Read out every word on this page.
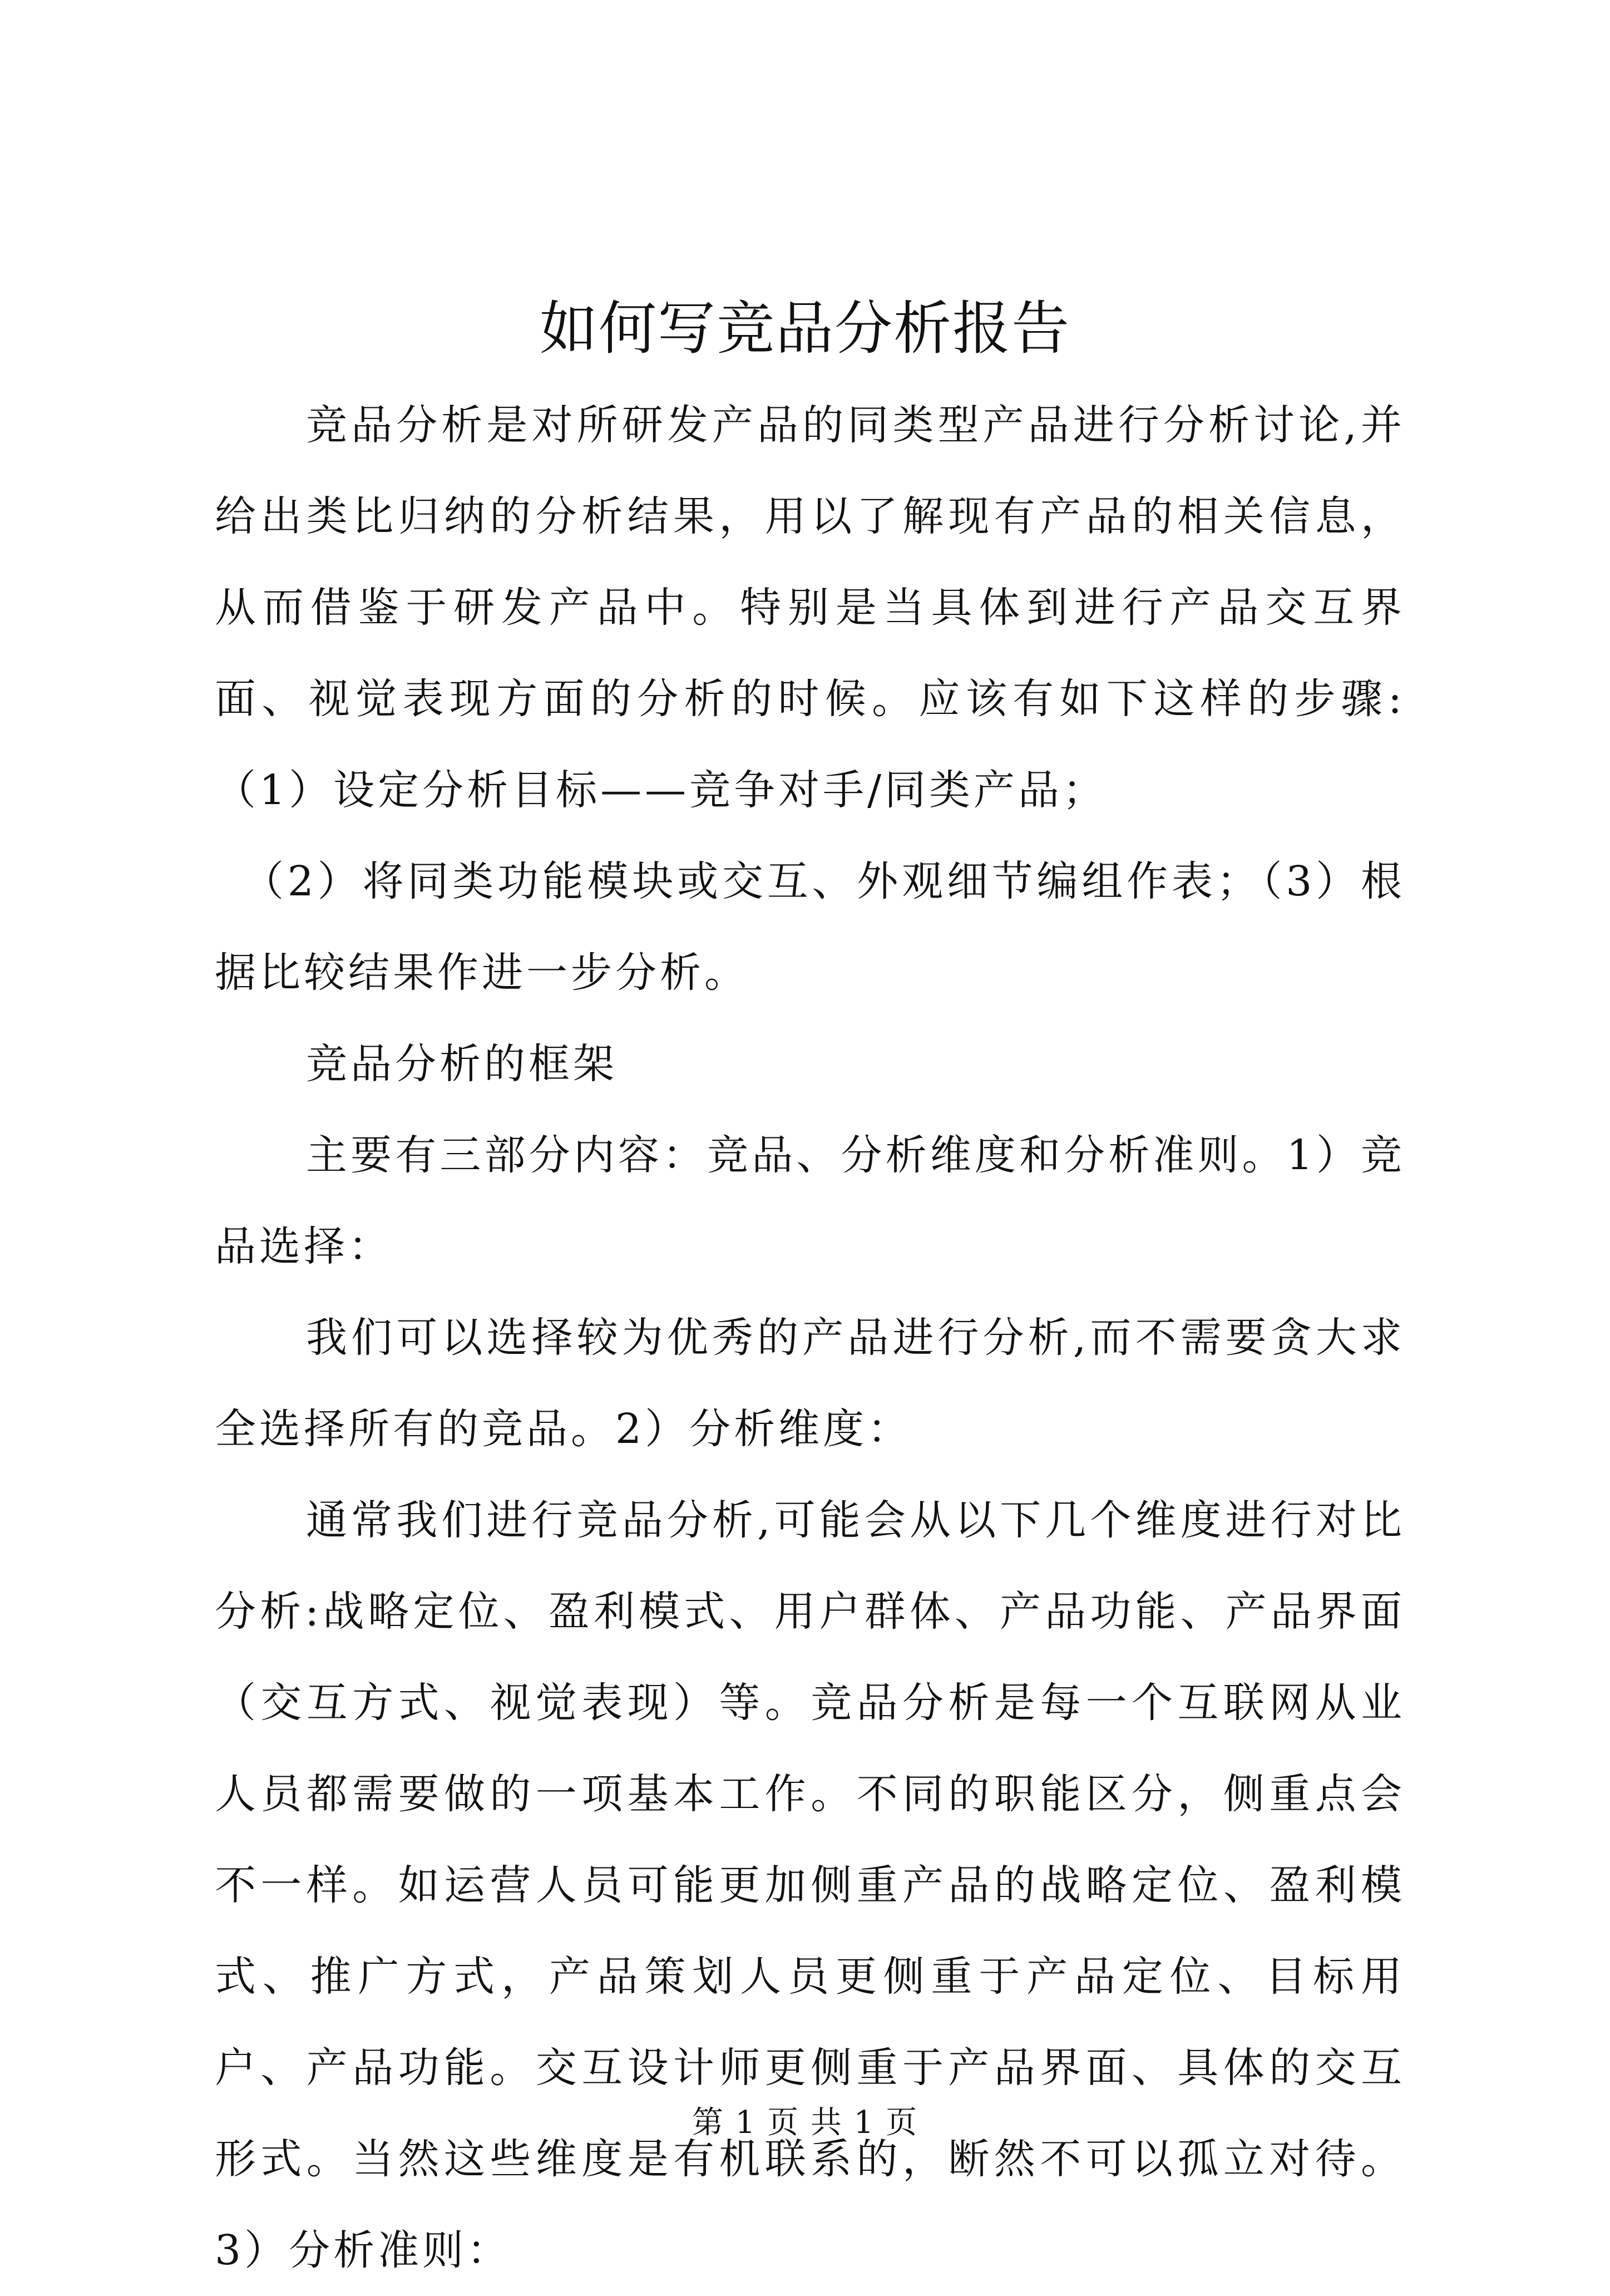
如何写竞品分析报告

竞品分析是对所研发产品的同类型产品进行分析讨论,并给出类比归纳的分析结果，用以了解现有产品的相关信息，从而借鉴于研发产品中。特别是当具体到进行产品交互界面、视觉表现方面的分析的时候。应该有如下这样的步骤:（1）设定分析目标——竞争对手/同类产品；

（2）将同类功能模块或交互、外观细节编组作表；（3）根据比较结果作进一步分析。

竞品分析的框架

主要有三部分内容：竞品、分析维度和分析准则。1）竞品选择：

我们可以选择较为优秀的产品进行分析,而不需要贪大求全选择所有的竞品。2）分析维度：

通常我们进行竞品分析,可能会从以下几个维度进行对比分析:战略定位、盈利模式、用户群体、产品功能、产品界面（交互方式、视觉表现）等。竞品分析是每一个互联网从业人员都需要做的一项基本工作。不同的职能区分，侧重点会不一样。如运营人员可能更加侧重产品的战略定位、盈利模式、推广方式，产品策划人员更侧重于产品定位、目标用户、产品功能。交互设计师更侧重于产品界面、具体的交互形式。当然这些维度是有机联系的，断然不可以孤立对待。3）分析准则：

第 1 页 共 1 页
